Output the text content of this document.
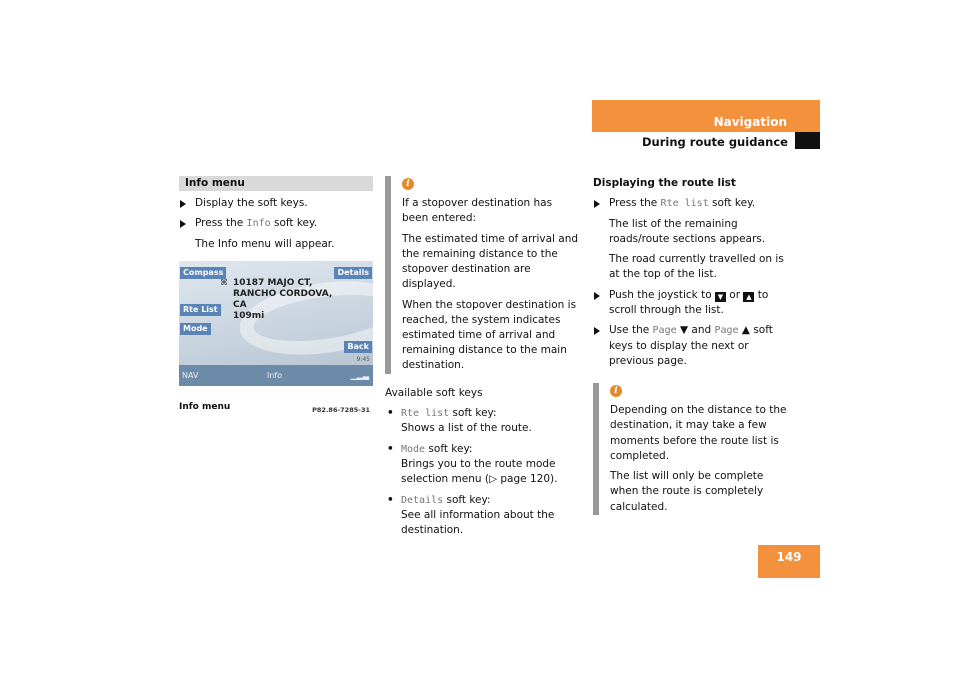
Navigation
During route guidance
Info menu
Display the soft keys.
Press the Info soft key.
The Info menu will appear.
Compass	Details
Rte List
Mode
Back
⌘ 10187 MAJO CT,
RANCHO CORDOVA,
CA
109mi
9:45
NAV	Info	▁▂▃
P82.86-7285-31
Info menu
i

If a stopover destination has been entered:

The estimated time of arrival and the remaining distance to the stopover destination are displayed.

When the stopover destination is reached, the system indicates estimated time of arrival and remaining distance to the main destination.

Available soft keys
• Rte list soft key:
Shows a list of the route.
• Mode soft key:
Brings you to the route mode selection menu (▷ page 120).
• Details soft key:
See all information about the destination.
Displaying the route list
Press the Rte list soft key.
The list of the remaining roads/route sections appears.
The road currently travelled on is at the top of the list.
Push the joystick to ▼ or ▲ to scroll through the list.
Use the Page ▼ and Page ▲ soft keys to display the next or previous page.
i

Depending on the distance to the destination, it may take a few moments before the route list is completed.

The list will only be complete when the route is completely calculated.

149
